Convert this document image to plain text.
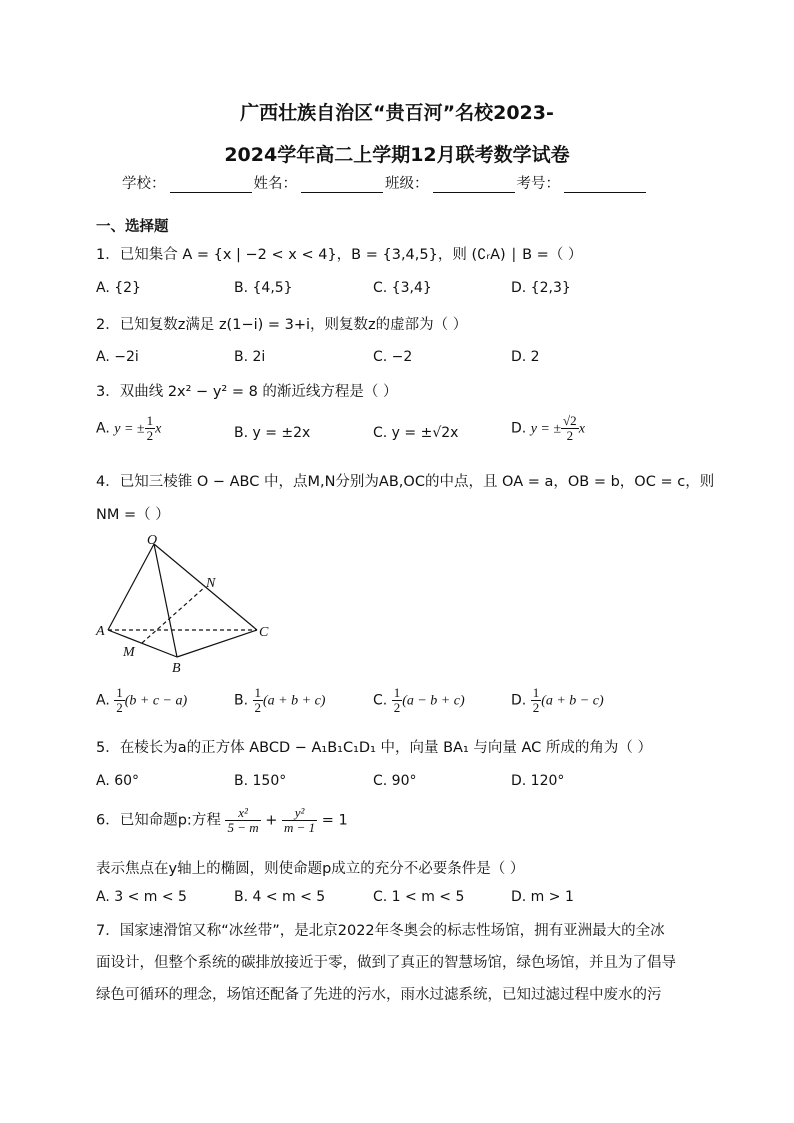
广西壮族自治区“贵百河”名校2023-
2024学年高二上学期12月联考数学试卷
学校：	姓名：	班级：	考号：
一、选择题
1．已知集合 A = {x | −2 < x < 4}，B = {3,4,5}，则 (∁ᵣA) ∣ B =（ ）
A. {2}	B. {4,5}	C. {3,4}	D. {2,3}
2．已知复数z满足 z(1−i) = 3+i，则复数z的虚部为（ ）
A. −2i	B. 2i	C. −2	D. 2
3．双曲线 2x² − y² = 8 的渐近线方程是（ ）
A. y = ± $\frac{1}{2}$ x	B. y = ±2x	C. y = ±√2x	D. y = ± $\frac{√2}{2}$ x
4．已知三棱锥 O − ABC 中，点M,N分别为AB,OC的中点，且 OA = a，OB = b，OC = c，则
NM =（ ）
O
N
A	C
M
B
A. $\frac{1}{2} (b + c - a)$	B. $\frac{1}{2} (a + b + c)$	C. $\frac{1}{2} (a - b + c)$	D. $\frac{1}{2} (a + b - c)$
5．在棱长为a的正方体 ABCD − A₁B₁C₁D₁ 中，向量 BA₁ 与向量 AC 所成的角为（ ）
A. 60°	B. 150°	C. 90°	D. 120°
6．已知命题p:方程 $\frac{\text{x²}}{5 - m} + \frac{\text{y²}}{m - 1} = 1$
表示焦点在y轴上的椭圆，则使命题p成立的充分不必要条件是（ ）
A. 3 < m < 5	B. 4 < m < 5	C. 1 < m < 5	D. m > 1
7．国家速滑馆又称“冰丝带”，是北京2022年冬奥会的标志性场馆，拥有亚洲最大的全冰
面设计，但整个系统的碳排放接近于零，做到了真正的智慧场馆，绿色场馆，并且为了倡导
绿色可循环的理念，场馆还配备了先进的污水，雨水过滤系统，已知过滤过程中废水的污
